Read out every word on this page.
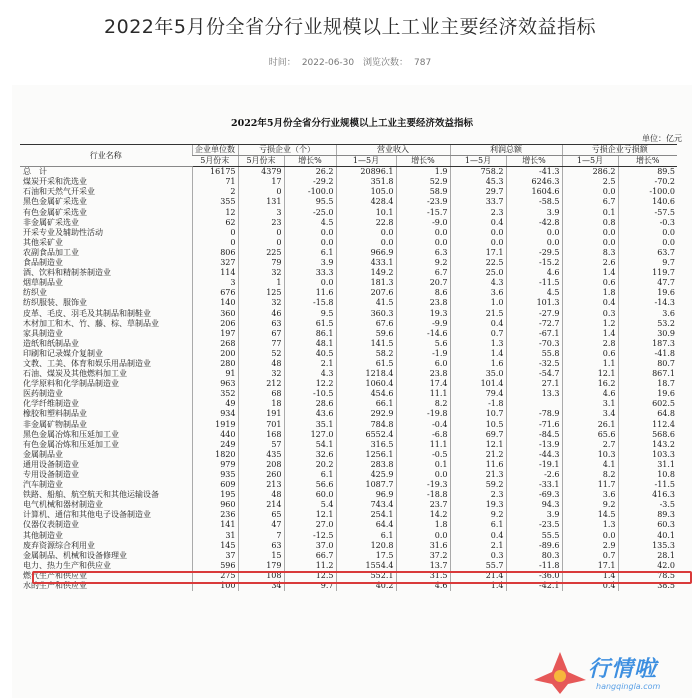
2022年5月份全省分行业规模以上工业主要经济效益指标
时间： 2022-06-30 浏览次数： 787
2022年5月份全省分行业规模以上工业主要经济效益指标
单位：亿元
行业名称	企业单位数	亏损企业（个）		营业收入		利润总额		亏损企业亏损额	
	5月份末	5月份末	增长%	1—5月	增长%	1—5月	增长%	1—5月	增长%
总　计	16175	4379	26.2	20896.1	1.9	758.2	-41.3	286.2	89.5
煤炭开采和洗选业	71	17	-29.2	351.8	52.9	45.3	6246.3	2.5	-70.2
石油和天然气开采业	2	0	-100.0	105.0	58.9	29.7	1604.6	0.0	-100.0
黑色金属矿采选业	355	131	95.5	428.4	-23.9	33.7	-58.5	6.7	140.6
有色金属矿采选业	12	3	-25.0	10.1	-15.7	2.3	3.9	0.1	-57.5
非金属矿采选业	62	23	4.5	22.8	-9.0	0.4	-42.8	0.8	-0.3
开采专业及辅助性活动	0	0	0.0	0.0	0.0	0.0	0.0	0.0	0.0
其他采矿业	0	0	0.0	0.0	0.0	0.0	0.0	0.0	0.0
农副食品加工业	806	225	6.1	966.9	6.3	17.1	-29.5	8.3	63.7
食品制造业	327	79	3.9	433.1	9.2	22.5	-15.2	2.6	9.7
酒、饮料和精制茶制造业	114	32	33.3	149.2	6.7	25.0	4.6	1.4	119.7
烟草制品业	3	1	0.0	181.3	20.7	4.3	-11.5	0.6	47.7
纺织业	676	125	11.6	207.6	8.6	3.6	4.5	1.8	19.6
纺织服装、服饰业	140	32	-15.8	41.5	23.8	1.0	101.3	0.4	-14.3
皮革、毛皮、羽毛及其制品和制鞋业	360	46	9.5	360.3	19.3	21.5	-27.9	0.3	3.6
木材加工和木、竹、藤、棕、草制品业	206	63	61.5	67.6	-9.9	0.4	-72.7	1.2	53.2
家具制造业	197	67	86.1	59.6	-14.6	0.7	-67.1	1.4	30.9
造纸和纸制品业	268	77	48.1	141.5	5.6	1.3	-70.3	2.8	187.3
印刷和记录媒介复制业	200	52	40.5	58.2	-1.9	1.4	55.8	0.6	-41.8
文教、工美、体育和娱乐用品制造业	280	48	2.1	61.5	6.0	1.6	-32.5	1.1	80.7
石油、煤炭及其他燃料加工业	91	32	4.3	1218.4	23.8	35.0	-54.7	12.1	867.1
化学原料和化学制品制造业	963	212	12.2	1060.4	17.4	101.4	27.1	16.2	18.7
医药制造业	352	68	-10.5	454.6	11.1	79.4	13.3	4.6	19.6
化学纤维制造业	49	18	28.6	66.1	8.2	-1.8		3.1	602.5
橡胶和塑料制品业	934	191	43.6	292.9	-19.8	10.7	-78.9	3.4	64.8
非金属矿物制品业	1919	701	35.1	784.8	-0.4	10.5	-71.6	26.1	112.4
黑色金属冶炼和压延加工业	440	168	127.0	6552.4	-6.8	69.7	-84.5	65.6	568.6
有色金属冶炼和压延加工业	249	57	54.1	316.5	11.1	12.1	-13.9	2.7	143.2
金属制品业	1820	435	32.6	1256.1	-0.5	21.2	-44.3	10.3	103.3
通用设备制造业	979	208	20.2	283.8	0.1	11.6	-19.1	4.1	31.1
专用设备制造业	935	260	6.1	425.9	0.0	21.3	-2.6	8.2	10.8
汽车制造业	609	213	56.6	1087.7	-19.3	59.2	-33.1	11.7	-11.5
铁路、船舶、航空航天和其他运输设备	195	48	60.0	96.9	-18.8	2.3	-69.3	3.6	416.3
电气机械和器材制造业	960	214	5.4	743.4	23.7	19.3	94.3	9.2	-3.5
计算机、通信和其他电子设备制造业	236	65	12.1	254.1	14.2	9.2	3.9	14.5	89.3
仪器仪表制造业	141	47	27.0	64.4	1.8	6.1	-23.5	1.3	60.3
其他制造业	31	7	-12.5	6.1	0.0	0.4	55.5	0.0	40.1
废弃资源综合利用业	145	63	37.0	120.8	31.6	2.1	-89.6	2.9	135.3
金属制品、机械和设备修理业	37	15	66.7	17.5	37.2	0.3	80.3	0.7	28.1
电力、热力生产和供应业	596	179	11.2	1554.4	13.7	55.7	-11.8	17.1	42.0
燃气生产和供应业	275	108	12.5	552.1	31.5	21.4	-36.0	1.4	78.5
水的生产和供应业	100	34	9.7	40.2	4.6	1.4	-42.1	0.4	38.5
行情啦
hangqingla.com
